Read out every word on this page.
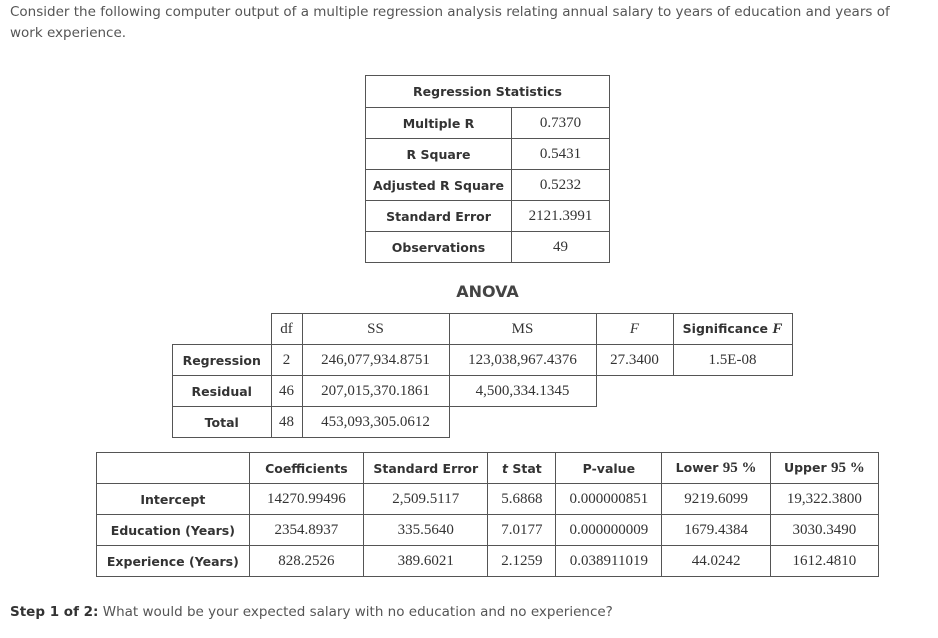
Consider the following computer output of a multiple regression analysis relating annual salary to years of education and years of work experience.
Regression Statistics	
Multiple R	0.7370
R Square	0.5431
Adjusted R Square	0.5232
Standard Error	2121.3991
Observations	49
ANOVA
	df	SS	MS	F	Significance F
Regression	2	246,077,934.8751	123,038,967.4376	27.3400	1.5E-08
Residual	46	207,015,370.1861	4,500,334.1345		
Total	48	453,093,305.0612			
	Coefficients	Standard Error	t Stat	P-value	Lower 95 %	Upper 95 %
Intercept	14270.99496	2,509.5117	5.6868	0.000000851	9219.6099	19,322.3800
Education (Years)	2354.8937	335.5640	7.0177	0.000000009	1679.4384	3030.3490
Experience (Years)	828.2526	389.6021	2.1259	0.038911019	44.0242	1612.4810
Step 1 of 2: What would be your expected salary with no education and no experience?
